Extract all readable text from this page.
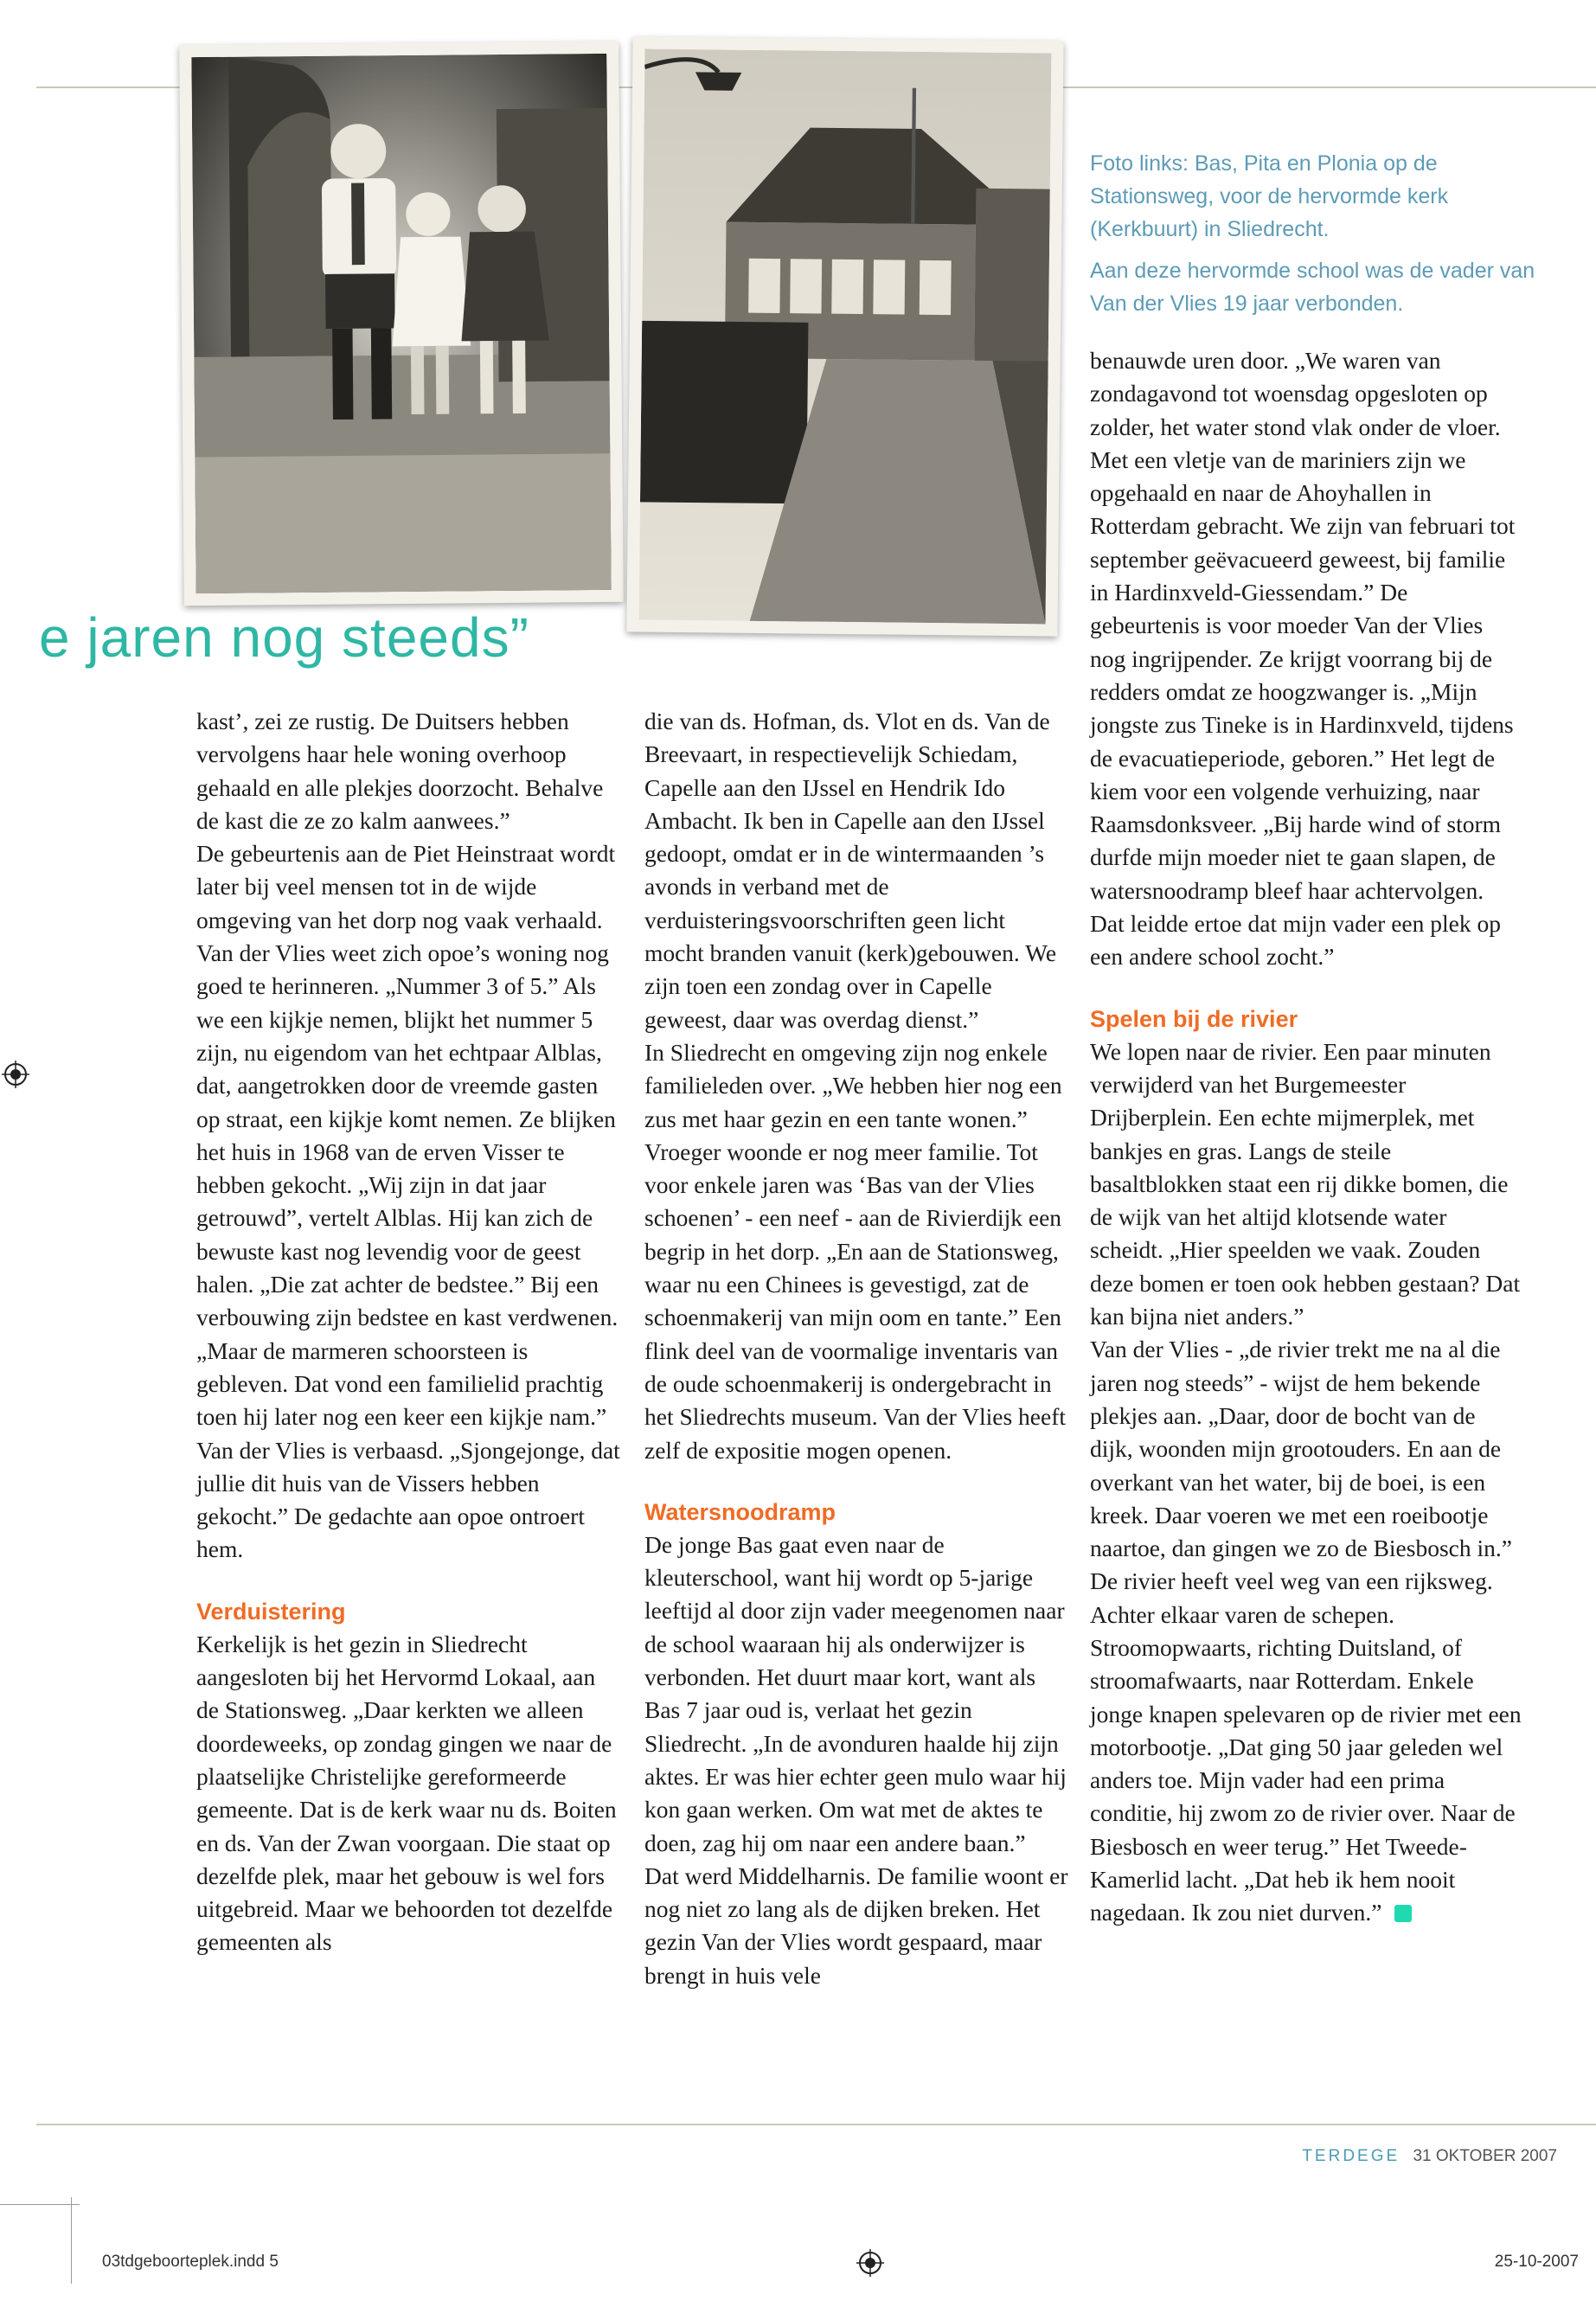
Foto links: Bas, Pita en Plonia op de Stationsweg, voor de hervormde kerk (Kerkbuurt) in Sliedrecht.

Aan deze hervormde school was de vader van Van der Vlies 19 jaar verbonden.

e jaren nog steeds”

kast’, zei ze rustig. De Duitsers hebben vervolgens haar hele woning overhoop gehaald en alle plekjes doorzocht. Behalve de kast die ze zo kalm aanwees.”

De gebeurtenis aan de Piet Heinstraat wordt later bij veel mensen tot in de wijde omgeving van het dorp nog vaak verhaald.

Van der Vlies weet zich opoe’s woning nog goed te herinneren. „Nummer 3 of 5.” Als we een kijkje nemen, blijkt het nummer 5 zijn, nu eigendom van het echtpaar Alblas, dat, aangetrokken door de vreemde gasten op straat, een kijkje komt nemen. Ze blijken het huis in 1968 van de erven Visser te hebben gekocht. „Wij zijn in dat jaar getrouwd”, vertelt Alblas. Hij kan zich de bewuste kast nog levendig voor de geest halen. „Die zat achter de bedstee.” Bij een verbouwing zijn bedstee en kast verdwenen. „Maar de marmeren schoorsteen is gebleven. Dat vond een familielid prachtig toen hij later nog een keer een kijkje nam.”

Van der Vlies is verbaasd. „Sjongejonge, dat jullie dit huis van de Vissers hebben gekocht.” De gedachte aan opoe ontroert hem.

Verduistering

Kerkelijk is het gezin in Sliedrecht aangesloten bij het Hervormd Lokaal, aan de Stationsweg. „Daar kerkten we alleen doordeweeks, op zondag gingen we naar de plaatselijke Christelijke gereformeerde gemeente. Dat is de kerk waar nu ds. Boiten en ds. Van der Zwan voorgaan. Die staat op dezelfde plek, maar het gebouw is wel fors uitgebreid. Maar we behoorden tot dezelfde gemeenten als

die van ds. Hofman, ds. Vlot en ds. Van de Breevaart, in respectievelijk Schiedam, Capelle aan den IJssel en Hendrik Ido Ambacht. Ik ben in Capelle aan den IJssel gedoopt, omdat er in de wintermaanden ’s avonds in verband met de verduisteringsvoorschriften geen licht mocht branden vanuit (kerk)gebouwen. We zijn toen een zondag over in Capelle geweest, daar was overdag dienst.”

In Sliedrecht en omgeving zijn nog enkele familieleden over. „We hebben hier nog een zus met haar gezin en een tante wonen.” Vroeger woonde er nog meer familie. Tot voor enkele jaren was ‘Bas van der Vlies schoenen’ - een neef - aan de Rivierdijk een begrip in het dorp. „En aan de Stationsweg, waar nu een Chinees is gevestigd, zat de schoenmakerij van mijn oom en tante.” Een flink deel van de voormalige inventaris van de oude schoenmakerij is ondergebracht in het Sliedrechts museum. Van der Vlies heeft zelf de expositie mogen openen.

Watersnoodramp

De jonge Bas gaat even naar de kleuterschool, want hij wordt op 5-jarige leeftijd al door zijn vader meegenomen naar de school waaraan hij als onderwijzer is verbonden. Het duurt maar kort, want als Bas 7 jaar oud is, verlaat het gezin Sliedrecht. „In de avonduren haalde hij zijn aktes. Er was hier echter geen mulo waar hij kon gaan werken. Om wat met de aktes te doen, zag hij om naar een andere baan.”

Dat werd Middelharnis. De familie woont er nog niet zo lang als de dijken breken. Het gezin Van der Vlies wordt gespaard, maar brengt in huis vele

benauwde uren door. „We waren van zondagavond tot woensdag opgesloten op zolder, het water stond vlak onder de vloer. Met een vletje van de mariniers zijn we opgehaald en naar de Ahoyhallen in Rotterdam gebracht. We zijn van februari tot september geëvacueerd geweest, bij familie in Hardinxveld-Giessendam.” De gebeurtenis is voor moeder Van der Vlies nog ingrijpender. Ze krijgt voorrang bij de redders omdat ze hoogzwanger is. „Mijn jongste zus Tineke is in Hardinxveld, tijdens de evacuatieperiode, geboren.” Het legt de kiem voor een volgende verhuizing, naar Raamsdonksveer. „Bij harde wind of storm durfde mijn moeder niet te gaan slapen, de watersnoodramp bleef haar achtervolgen. Dat leidde ertoe dat mijn vader een plek op een andere school zocht.”

Spelen bij de rivier

We lopen naar de rivier. Een paar minuten verwijderd van het Burgemeester Drijberplein. Een echte mijmerplek, met bankjes en gras. Langs de steile basaltblokken staat een rij dikke bomen, die de wijk van het altijd klotsende water scheidt. „Hier speelden we vaak. Zouden deze bomen er toen ook hebben gestaan? Dat kan bijna niet anders.”

Van der Vlies - „de rivier trekt me na al die jaren nog steeds” - wijst de hem bekende plekjes aan. „Daar, door de bocht van de dijk, woonden mijn grootouders. En aan de overkant van het water, bij de boei, is een kreek. Daar voeren we met een roeibootje naartoe, dan gingen we zo de Biesbosch in.”

De rivier heeft veel weg van een rijksweg. Achter elkaar varen de schepen. Stroomopwaarts, richting Duitsland, of stroomafwaarts, naar Rotterdam. Enkele jonge knapen spelevaren op de rivier met een motorbootje. „Dat ging 50 jaar geleden wel anders toe. Mijn vader had een prima conditie, hij zwom zo de rivier over. Naar de Biesbosch en weer terug.” Het Tweede-Kamerlid lacht. „Dat heb ik hem nooit nagedaan. Ik zou niet durven.”

TERDEGE 31 OKTOBER 2007
03tdgeboorteplek.indd 5	25-10-2007
